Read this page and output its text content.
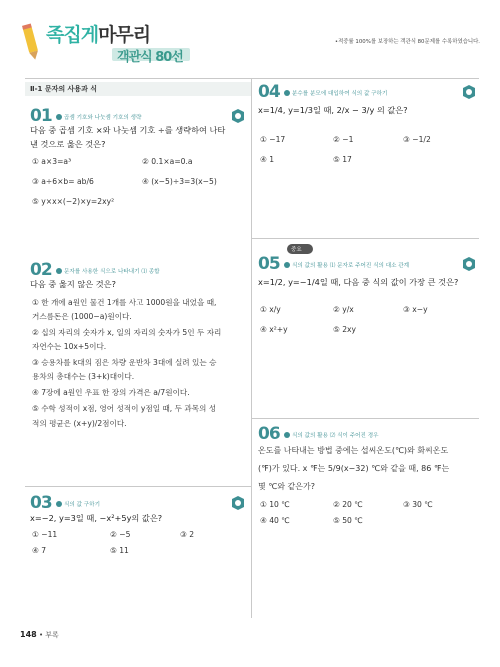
족집게마무리
객관식 80선
•적중률 100%를 보장하는 객관식 80문제를 수록하였습니다.
Ⅱ-1 문자의 사용과 식
01	곱셈 기호와 나눗셈 기호의 생략
다음 중 곱셈 기호 ×와 나눗셈 기호 ÷를 생략하여 나타
낸 것으로 옳은 것은?
① a×3=a³	② 0.1×a=0.a
③ a÷6×b= ab/6	④ (x−5)÷3=3(x−5)
⑤ y×x×(−2)×y=2xy²
02	문자를 사용한 식으로 나타내기 ⑴ 종합
다음 중 옳지 않은 것은?
① 한 개에 a원인 물건 1개를 사고 1000원을 내었을 때,
거스름돈은 (1000−a)원이다.
② 십의 자리의 숫자가 x, 일의 자리의 숫자가 5인 두 자리
자연수는 10x+5이다.
③ 승용차를 k대의 짐은 차량 운반차 3대에 실려 있는 승
용차의 총대수는 (3+k)대이다.
④ 7장에 a원인 우표 한 장의 가격은 a/7원이다.
⑤ 수학 성적이 x점, 영어 성적이 y점일 때, 두 과목의 성
적의 평균은 (x+y)/2점이다.
03	식의 값 구하기
x=−2, y=3일 때, −x²+5y의 값은?
① −11	② −5	③ 2
④ 7	⑤ 11
04	분수를 분모에 대입하여 식의 값 구하기
x=1/4, y=1/3일 때, 2/x − 3/y 의 값은?
① −17	② −1	③ −1/2
④ 1	⑤ 17
중요
05	식의 값의 활용 ⑴ 문자로 주어진 식의 대소 관계
x=1/2, y=−1/4일 때, 다음 중 식의 값이 가장 큰 것은?
① x/y	② y/x	③ x−y
④ x²+y	⑤ 2xy
06	식의 값의 활용 ⑵ 식이 주어진 경우
온도를 나타내는 방법 중에는 섭씨온도(℃)와 화씨온도
(℉)가 있다. x ℉는 5/9(x−32) ℃와 같을 때, 86 ℉는
몇 ℃와 같은가?
① 10 ℃	② 20 ℃	③ 30 ℃
④ 40 ℃	⑤ 50 ℃
148 • 부록
